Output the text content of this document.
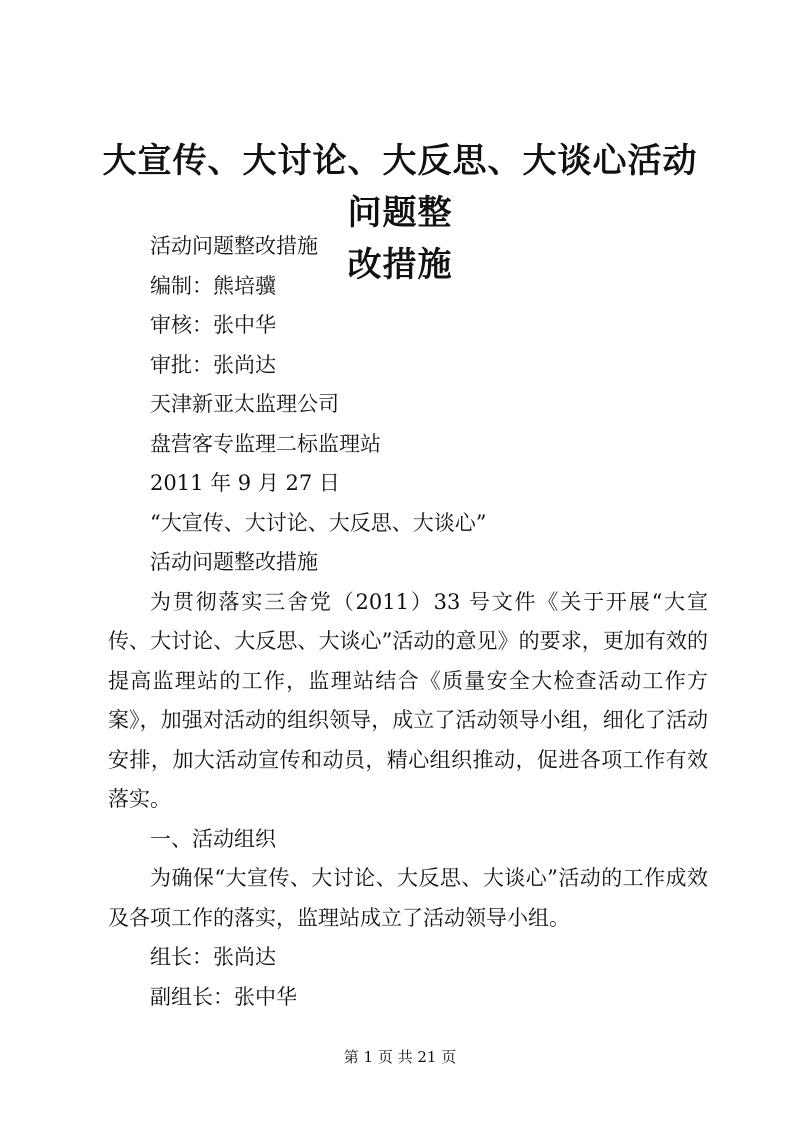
大宣传、大讨论、大反思、大谈心活动问题整
改措施
活动问题整改措施
编制：熊培骥
审核：张中华
审批：张尚达
天津新亚太监理公司
盘营客专监理二标监理站
2011 年 9 月 27 日
“大宣传、大讨论、大反思、大谈心”
活动问题整改措施
为贯彻落实三舍党（2011）33 号文件《关于开展“大宣传、大讨论、大反思、大谈心”活动的意见》的要求，更加有效的提高监理站的工作，监理站结合《质量安全大检查活动工作方案》，加强对活动的组织领导，成立了活动领导小组，细化了活动安排，加大活动宣传和动员，精心组织推动，促进各项工作有效落实。
一、活动组织
为确保“大宣传、大讨论、大反思、大谈心”活动的工作成效及各项工作的落实，监理站成立了活动领导小组。
组长：张尚达
副组长：张中华
第 1 页 共 21 页
